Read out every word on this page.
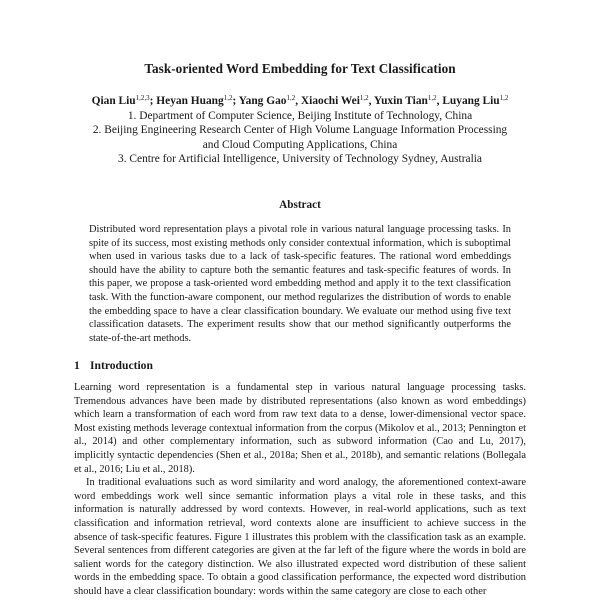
Task-oriented Word Embedding for Text Classification
Qian Liu$^{1,2,3}$; Heyan Huang$^{1,2}$; Yang Gao$^{1,2}$, Xiaochi Wei$^{1,2}$, Yuxin Tian$^{1,2}$, Luyang Liu$^{1,2}$
1. Department of Computer Science, Beijing Institute of Technology, China
2. Beijing Engineering Research Center of High Volume Language Information Processing
and Cloud Computing Applications, China
3. Centre for Artificial Intelligence, University of Technology Sydney, Australia
Abstract

Distributed word representation plays a pivotal role in various natural language processing tasks. In spite of its success, most existing methods only consider contextual information, which is suboptimal when used in various tasks due to a lack of task-specific features. The rational word embeddings should have the ability to capture both the semantic features and task-specific features of words. In this paper, we propose a task-oriented word embedding method and apply it to the text classification task. With the function-aware component, our method regularizes the distribution of words to enable the embedding space to have a clear classification boundary. We evaluate our method using five text classification datasets. The experiment results show that our method significantly outperforms the state-of-the-art methods.

1 Introduction

Learning word representation is a fundamental step in various natural language processing tasks. Tremendous advances have been made by distributed representations (also known as word embeddings) which learn a transformation of each word from raw text data to a dense, lower-dimensional vector space. Most existing methods leverage contextual information from the corpus (Mikolov et al., 2013; Pennington et al., 2014) and other complementary information, such as subword information (Cao and Lu, 2017), implicitly syntactic dependencies (Shen et al., 2018a; Shen et al., 2018b), and semantic relations (Bollegala et al., 2016; Liu et al., 2018).

In traditional evaluations such as word similarity and word analogy, the aforementioned context-aware word embeddings work well since semantic information plays a vital role in these tasks, and this information is naturally addressed by word contexts. However, in real-world applications, such as text classification and information retrieval, word contexts alone are insufficient to achieve success in the absence of task-specific features. Figure 1 illustrates this problem with the classification task as an example. Several sentences from different categories are given at the far left of the figure where the words in bold are salient words for the category distinction. We also illustrated expected word distribution of these salient words in the embedding space. To obtain a good classification performance, the expected word distribution should have a clear classification boundary: words within the same category are close to each other
